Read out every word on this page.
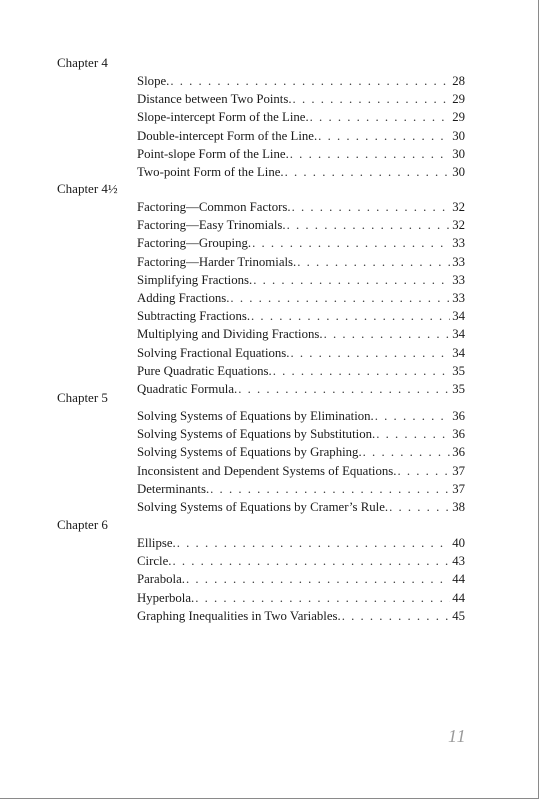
Chapter 4
Slope. . . .	28
Distance between Two Points. . . .	29
Slope-intercept Form of the Line. . . .	29
Double-intercept Form of the Line. . . .	30
Point-slope Form of the Line. . . .	30
Two-point Form of the Line. . . .	30
Chapter 4½
Factoring—Common Factors. . . .	32
Factoring—Easy Trinomials. . . .	32
Factoring—Grouping. . . .	33
Factoring—Harder Trinomials. . . .	33
Simplifying Fractions. . . .	33
Adding Fractions. . . .	33
Subtracting Fractions. . . .	34
Multiplying and Dividing Fractions. . . .	34
Solving Fractional Equations. . . .	34
Pure Quadratic Equations. . . .	35
Quadratic Formula. . . .	35
Chapter 5
Solving Systems of Equations by Elimination. . . .	36
Solving Systems of Equations by Substitution. . . .	36
Solving Systems of Equations by Graphing. . . .	36
Inconsistent and Dependent Systems of Equations. . . .	37
Determinants. . . .	37
Solving Systems of Equations by Cramer’s Rule. . . .	38
Chapter 6
Ellipse. . . .	40
Circle. . . .	43
Parabola. . . .	44
Hyperbola. . . .	44
Graphing Inequalities in Two Variables. . . .	45
11
